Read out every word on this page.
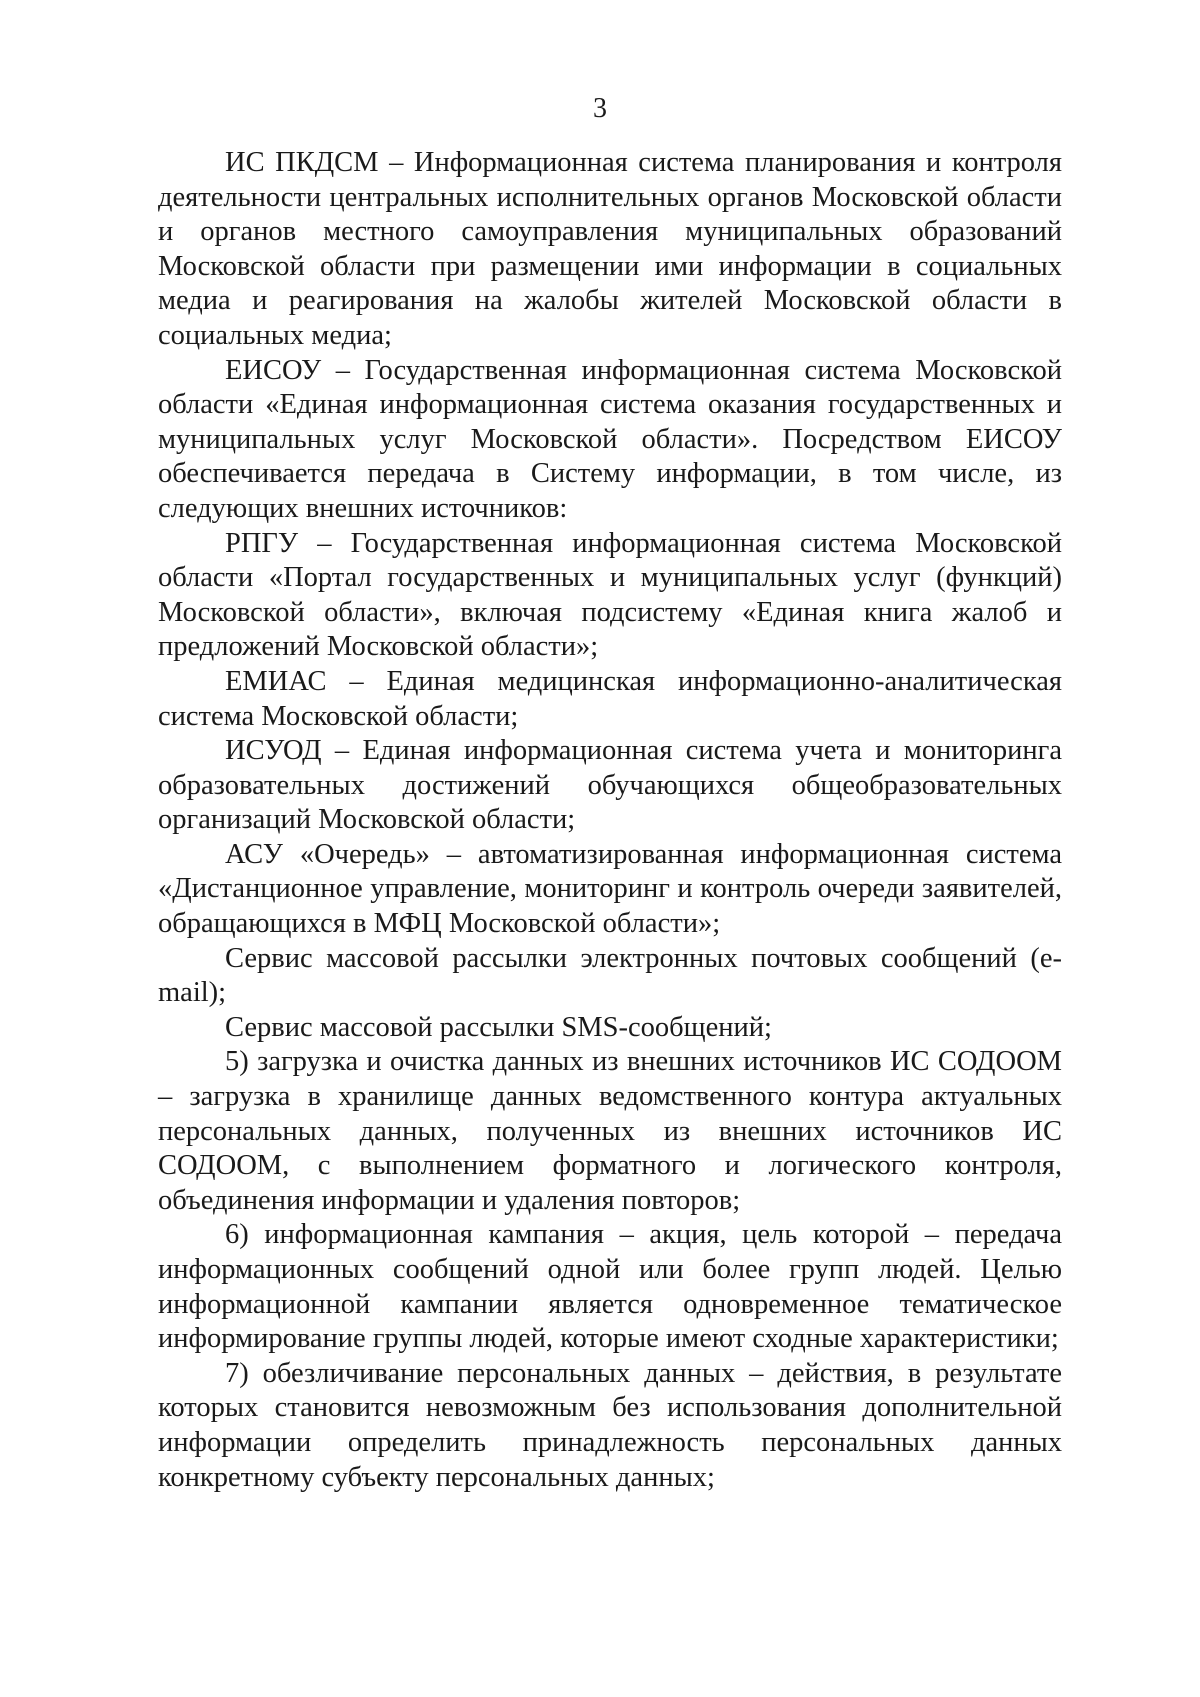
3

ИС ПКДСМ – Информационная система планирования и контроля деятельности центральных исполнительных органов Московской области и органов местного самоуправления муниципальных образований Московской области при размещении ими информации в социальных медиа и реагирования на жалобы жителей Московской области в социальных медиа;

ЕИСОУ – Государственная информационная система Московской области «Единая информационная система оказания государственных и муниципальных услуг Московской области». Посредством ЕИСОУ обеспечивается передача в Систему информации, в том числе, из следующих внешних источников:

РПГУ – Государственная информационная система Московской области «Портал государственных и муниципальных услуг (функций) Московской области», включая подсистему «Единая книга жалоб и предложений Московской области»;

ЕМИАС – Единая медицинская информационно-аналитическая система Московской области;

ИСУОД – Единая информационная система учета и мониторинга образовательных достижений обучающихся общеобразовательных организаций Московской области;

АСУ «Очередь» – автоматизированная информационная система «Дистанционное управление, мониторинг и контроль очереди заявителей, обращающихся в МФЦ Московской области»;

Сервис массовой рассылки электронных почтовых сообщений (e-mail);

Сервис массовой рассылки SMS-сообщений;

5) загрузка и очистка данных из внешних источников ИС СОДООМ – загрузка в хранилище данных ведомственного контура актуальных персональных данных, полученных из внешних источников ИС СОДООМ, с выполнением форматного и логического контроля, объединения информации и удаления повторов;

6) информационная кампания – акция, цель которой – передача информационных сообщений одной или более групп людей. Целью информационной кампании является одновременное тематическое информирование группы людей, которые имеют сходные характеристики;

7) обезличивание персональных данных – действия, в результате которых становится невозможным без использования дополнительной информации определить принадлежность персональных данных конкретному субъекту персональных данных;
